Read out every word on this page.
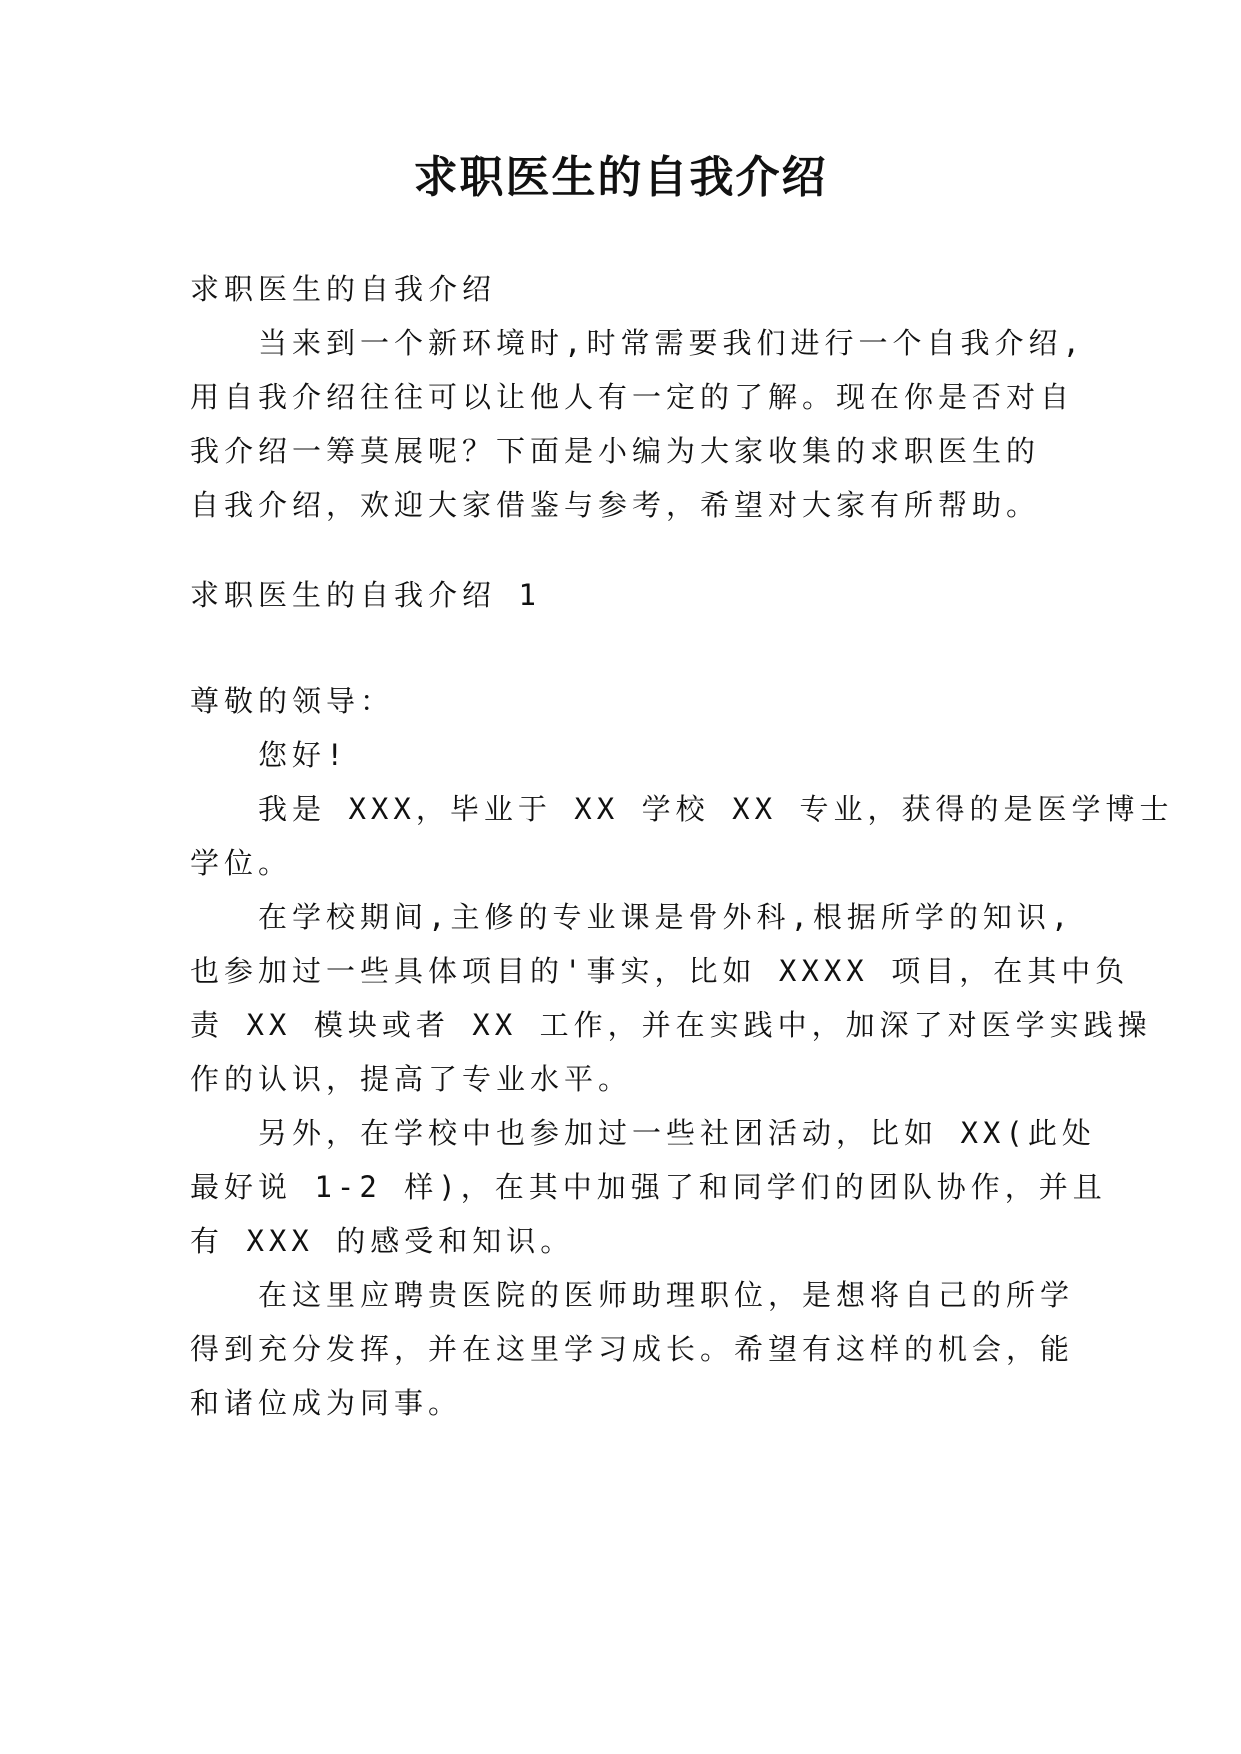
求职医生的自我介绍
求职医生的自我介绍
当来到一个新环境时,时常需要我们进行一个自我介绍,
用自我介绍往往可以让他人有一定的了解。现在你是否对自
我介绍一筹莫展呢？下面是小编为大家收集的求职医生的
自我介绍，欢迎大家借鉴与参考，希望对大家有所帮助。
求职医生的自我介绍 1
尊敬的领导：
您好!
我是 XXX，毕业于 XX 学校 XX 专业，获得的是医学博士
学位。
在学校期间,主修的专业课是骨外科,根据所学的知识,
也参加过一些具体项目的'事实，比如 XXXX 项目，在其中负
责 XX 模块或者 XX 工作，并在实践中，加深了对医学实践操
作的认识，提高了专业水平。
另外，在学校中也参加过一些社团活动，比如 XX(此处
最好说 1-2 样)，在其中加强了和同学们的团队协作，并且
有 XXX 的感受和知识。
在这里应聘贵医院的医师助理职位，是想将自己的所学
得到充分发挥，并在这里学习成长。希望有这样的机会，能
和诸位成为同事。
